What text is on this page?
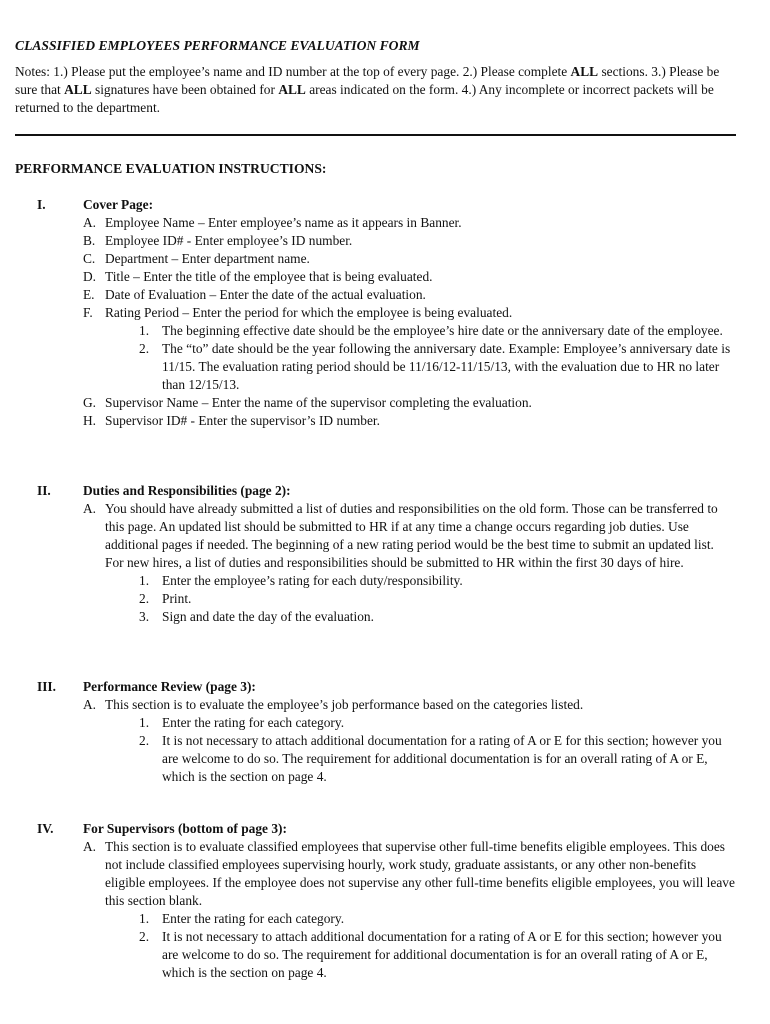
CLASSIFIED EMPLOYEES PERFORMANCE EVALUATION FORM
Notes: 1.) Please put the employee’s name and ID number at the top of every page. 2.) Please complete ALL sections. 3.) Please be sure that ALL signatures have been obtained for ALL areas indicated on the form. 4.) Any incomplete or incorrect packets will be returned to the department.
PERFORMANCE EVALUATION INSTRUCTIONS:
I.	Cover Page:
A. Employee Name – Enter employee’s name as it appears in Banner.
B. Employee ID# - Enter employee’s ID number.
C. Department – Enter department name.
D. Title – Enter the title of the employee that is being evaluated.
E. Date of Evaluation – Enter the date of the actual evaluation.
F. Rating Period – Enter the period for which the employee is being evaluated.
1. The beginning effective date should be the employee’s hire date or the anniversary date of the employee.
2. The “to” date should be the year following the anniversary date. Example: Employee’s anniversary date is 11/15. The evaluation rating period should be 11/16/12-11/15/13, with the evaluation due to HR no later than 12/15/13.
G. Supervisor Name – Enter the name of the supervisor completing the evaluation.
H. Supervisor ID# - Enter the supervisor’s ID number.
II. Duties and Responsibilities (page 2):
A. You should have already submitted a list of duties and responsibilities on the old form. Those can be transferred to this page. An updated list should be submitted to HR if at any time a change occurs regarding job duties. Use additional pages if needed. The beginning of a new rating period would be the best time to submit an updated list. For new hires, a list of duties and responsibilities should be submitted to HR within the first 30 days of hire.
1. Enter the employee’s rating for each duty/responsibility.
2. Print.
3. Sign and date the day of the evaluation.
III. Performance Review (page 3):
A. This section is to evaluate the employee’s job performance based on the categories listed.
1. Enter the rating for each category.
2. It is not necessary to attach additional documentation for a rating of A or E for this section; however you are welcome to do so. The requirement for additional documentation is for an overall rating of A or E, which is the section on page 4.
IV. For Supervisors (bottom of page 3):
A. This section is to evaluate classified employees that supervise other full-time benefits eligible employees. This does not include classified employees supervising hourly, work study, graduate assistants, or any other non-benefits eligible employees. If the employee does not supervise any other full-time benefits eligible employees, you will leave this section blank.
1. Enter the rating for each category.
2. It is not necessary to attach additional documentation for a rating of A or E for this section; however you are welcome to do so. The requirement for additional documentation is for an overall rating of A or E, which is the section on page 4.
